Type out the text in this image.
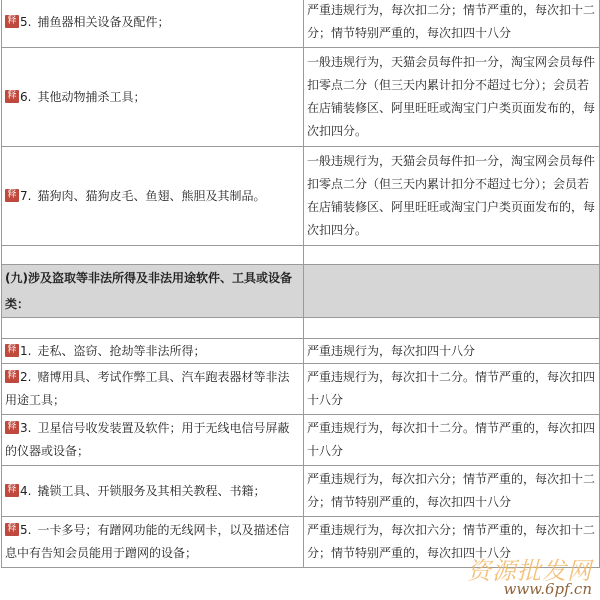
释 5. 捕鱼器相关设备及配件；	严重违规行为，每次扣二分；情节严重的，每次扣十二分；情节特别严重的，每次扣四十八分
释 6. 其他动物捕杀工具；	一般违规行为，天猫会员每件扣一分，淘宝网会员每件扣零点二分（但三天内累计扣分不超过七分）；会员若在店铺装修区、阿里旺旺或淘宝门户类页面发布的，每次扣四分。
释 7. 猫狗肉、猫狗皮毛、鱼翅、熊胆及其制品。	一般违规行为，天猫会员每件扣一分，淘宝网会员每件扣零点二分（但三天内累计扣分不超过七分）；会员若在店铺装修区、阿里旺旺或淘宝门户类页面发布的，每次扣四分。

(九)涉及盗取等非法所得及非法用途软件、工具或设备类：	

释 1. 走私、盗窃、抢劫等非法所得；	严重违规行为，每次扣四十八分
释 2. 赌博用具、考试作弊工具、汽车跑表器材等非法用途工具；	严重违规行为，每次扣十二分。情节严重的，每次扣四十八分
释 3. 卫星信号收发装置及软件；用于无线电信号屏蔽的仪器或设备；	严重违规行为，每次扣十二分。情节严重的，每次扣四十八分
释 4. 撬锁工具、开锁服务及其相关教程、书籍；	严重违规行为，每次扣六分；情节严重的，每次扣十二分；情节特别严重的，每次扣四十八分
释 5. 一卡多号；有蹭网功能的无线网卡，以及描述信息中有告知会员能用于蹭网的设备；	严重违规行为，每次扣六分；情节严重的，每次扣十二分；情节特别严重的，每次扣四十八分
资源批发网
www.6pf.cn
